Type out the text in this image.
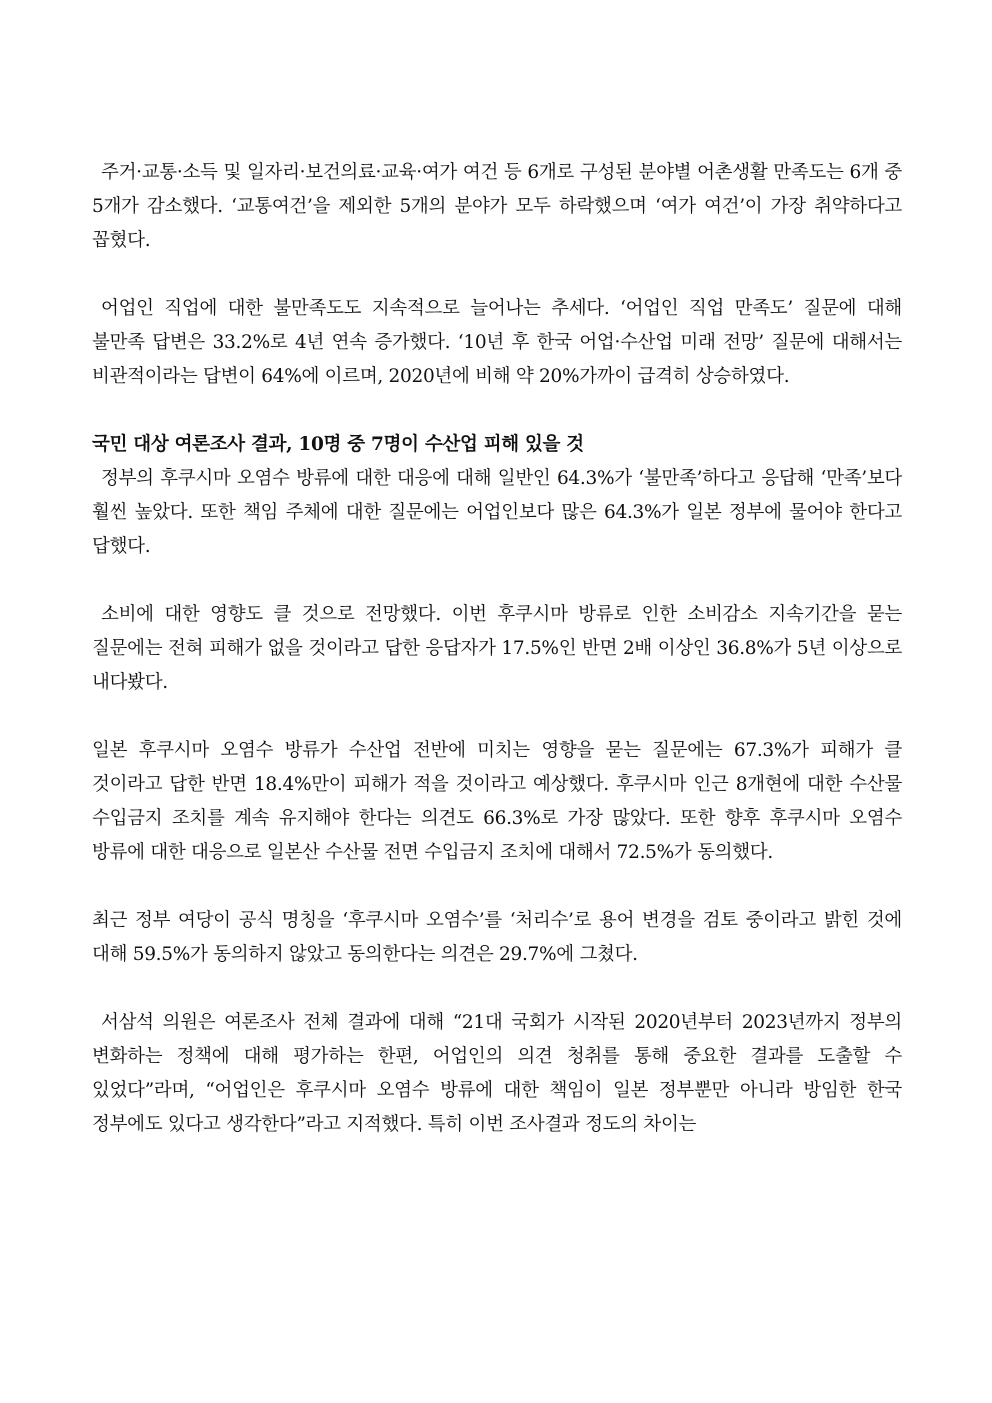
주거·교통·소득 및 일자리·보건의료·교육·여가 여건 등 6개로 구성된 분야별 어촌생활 만족도는 6개 중 5개가 감소했다. ‘교통여건’을 제외한 5개의 분야가 모두 하락했으며 ‘여가 여건’이 가장 취약하다고 꼽혔다.

어업인 직업에 대한 불만족도도 지속적으로 늘어나는 추세다. ‘어업인 직업 만족도’ 질문에 대해 불만족 답변은 33.2%로 4년 연속 증가했다. ‘10년 후 한국 어업·수산업 미래 전망’ 질문에 대해서는 비관적이라는 답변이 64%에 이르며, 2020년에 비해 약 20%가까이 급격히 상승하였다.

국민 대상 여론조사 결과, 10명 중 7명이 수산업 피해 있을 것

정부의 후쿠시마 오염수 방류에 대한 대응에 대해 일반인 64.3%가 ‘불만족’하다고 응답해 ‘만족’보다 훨씬 높았다. 또한 책임 주체에 대한 질문에는 어업인보다 많은 64.3%가 일본 정부에 물어야 한다고 답했다.

소비에 대한 영향도 클 것으로 전망했다. 이번 후쿠시마 방류로 인한 소비감소 지속기간을 묻는 질문에는 전혀 피해가 없을 것이라고 답한 응답자가 17.5%인 반면 2배 이상인 36.8%가 5년 이상으로 내다봤다.

일본 후쿠시마 오염수 방류가 수산업 전반에 미치는 영향을 묻는 질문에는 67.3%가 피해가 클 것이라고 답한 반면 18.4%만이 피해가 적을 것이라고 예상했다. 후쿠시마 인근 8개현에 대한 수산물 수입금지 조치를 계속 유지해야 한다는 의견도 66.3%로 가장 많았다. 또한 향후 후쿠시마 오염수 방류에 대한 대응으로 일본산 수산물 전면 수입금지 조치에 대해서 72.5%가 동의했다.

최근 정부 여당이 공식 명칭을 ‘후쿠시마 오염수’를 ‘처리수’로 용어 변경을 검토 중이라고 밝힌 것에 대해 59.5%가 동의하지 않았고 동의한다는 의견은 29.7%에 그쳤다.

서삼석 의원은 여론조사 전체 결과에 대해 “21대 국회가 시작된 2020년부터 2023년까지 정부의 변화하는 정책에 대해 평가하는 한편, 어업인의 의견 청취를 통해 중요한 결과를 도출할 수 있었다”라며, “어업인은 후쿠시마 오염수 방류에 대한 책임이 일본 정부뿐만 아니라 방임한 한국 정부에도 있다고 생각한다”라고 지적했다. 특히 이번 조사결과 정도의 차이는
